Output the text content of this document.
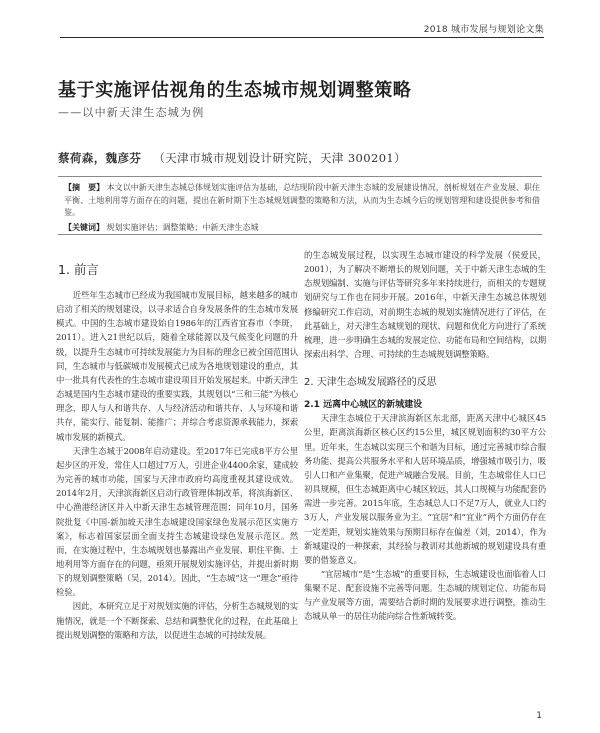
2018 城市发展与规划论文集
基于实施评估视角的生态城市规划调整策略
——以中新天津生态城为例
蔡荷森，魏彦芬 （天津市城市规划设计研究院，天津 300201）
【摘　要】 本文以中新天津生态城总体规划实施评估为基础，总结现阶段中新天津生态城的发展建设情况，剖析规划在产业发展、职住平衡、土地利用等方面存在的问题，提出在新时期下生态城规划调整的策略和方法，从而为生态城今后的规划管理和建设提供参考和借鉴。
【关键词】 规划实施评估；调整策略；中新天津生态城
1. 前言

近些年生态城市已经成为我国城市发展目标，越来越多的城市启动了相关的规划建设，以寻求适合自身发展条件的生态城市发展模式。中国的生态城市建设始自1986年的江西省宜春市（李斑，2011）。进入21世纪以后，随着全球能源以及气候变化问题的升级，以提升生态城市可持续发展能力为目标的理念已被全国范围认同，生态城市与低碳城市发展模式已成为各地规划建设的重点，其中一批具有代表性的生态城市建设项目开始发展起来。中新天津生态城是国内生态城市建设的重要实践，其规划以“三和三能”为核心理念，即人与人和谐共存、人与经济活动和谐共存、人与环境和谐共存，能实行、能复制、能推广；并综合考虑资源承载能力，探索城市发展的新模式。

天津生态城于2008年启动建设。至2017年已完成8平方公里起步区的开发，常住人口超过7万人，引进企业4400余家，建成较为完善的城市功能，国家与天津市政府均高度重视其建设成效。2014年2月，天津滨海新区启动行政管理体制改革，将滨海新区、中心渔港经济区并入中新天津生态城管理范围；同年10月，国务院批复《中国-新加坡天津生态城建设国家绿色发展示范区实施方案》，标志着国家层面全面支持生态城建设绿色发展示范区。然而，在实施过程中，生态城规划也暴露出产业发展、职住平衡、土地利用等方面存在的问题，亟须开展规划实施评估，并提出新时期下的规划调整策略（吴，2014）。因此，“生态城”这一“理念”亟待检验。

因此，本研究立足于对规划实施的评估，分析生态城规划的实施情况，就是一个不断探索、总结和调整优化的过程，在此基础上提出规划调整的策略和方法，以促进生态城的可持续发展。

的生态城发展过程，以实现生态城市建设的科学发展（侯爱民，2001），为了解决不断增长的规划问题，关于中新天津生态城的生态规划编制、实施与评估等研究多年来持续进行，而相关的专题规划研究与工作也在同步开展。2016年，中新天津生态城总体规划修编研究工作启动，对前期生态城的规划实施情况进行了评估，在此基础上，对天津生态城规划的现状、问题和优化方向进行了系统梳理，进一步明确生态城的发展定位、功能布局和空间结构，以期探索出科学、合理、可持续的生态城规划调整策略。

2. 天津生态城发展路径的反思
2.1 远离中心城区的新城建设

天津生态城位于天津滨海新区东北部，距离天津中心城区45公里，距离滨海新区核心区约15公里，城区规划面积约30平方公里。近年来，生态城以实现三个和谐为目标，通过完善城市综合服务功能、提高公共服务水平和人居环境品质，增强城市吸引力，吸引人口和产业集聚，促进产城融合发展。目前，生态城常住人口已初具规模，但生态城距离中心城区较远，其人口规模与功能配套仍需进一步完善。2015年底，生态城总人口不足7万人，就业人口约3万人，产业发展以服务业为主。“宜居”和“宜业”两个方面仍存在一定差距，规划实施效果与预期目标存在偏差（刘，2014），作为新城建设的一种探索，其经验与教训对其他新城的规划建设具有重要的借鉴意义。

“宜居城市”是“生态城”的重要目标，生态城建设也面临着人口集聚不足、配套设施不完善等问题。生态城的规划定位、功能布局与产业发展等方面，需要结合新时期的发展要求进行调整，推动生态城从单一的居住功能向综合性新城转变。

1
